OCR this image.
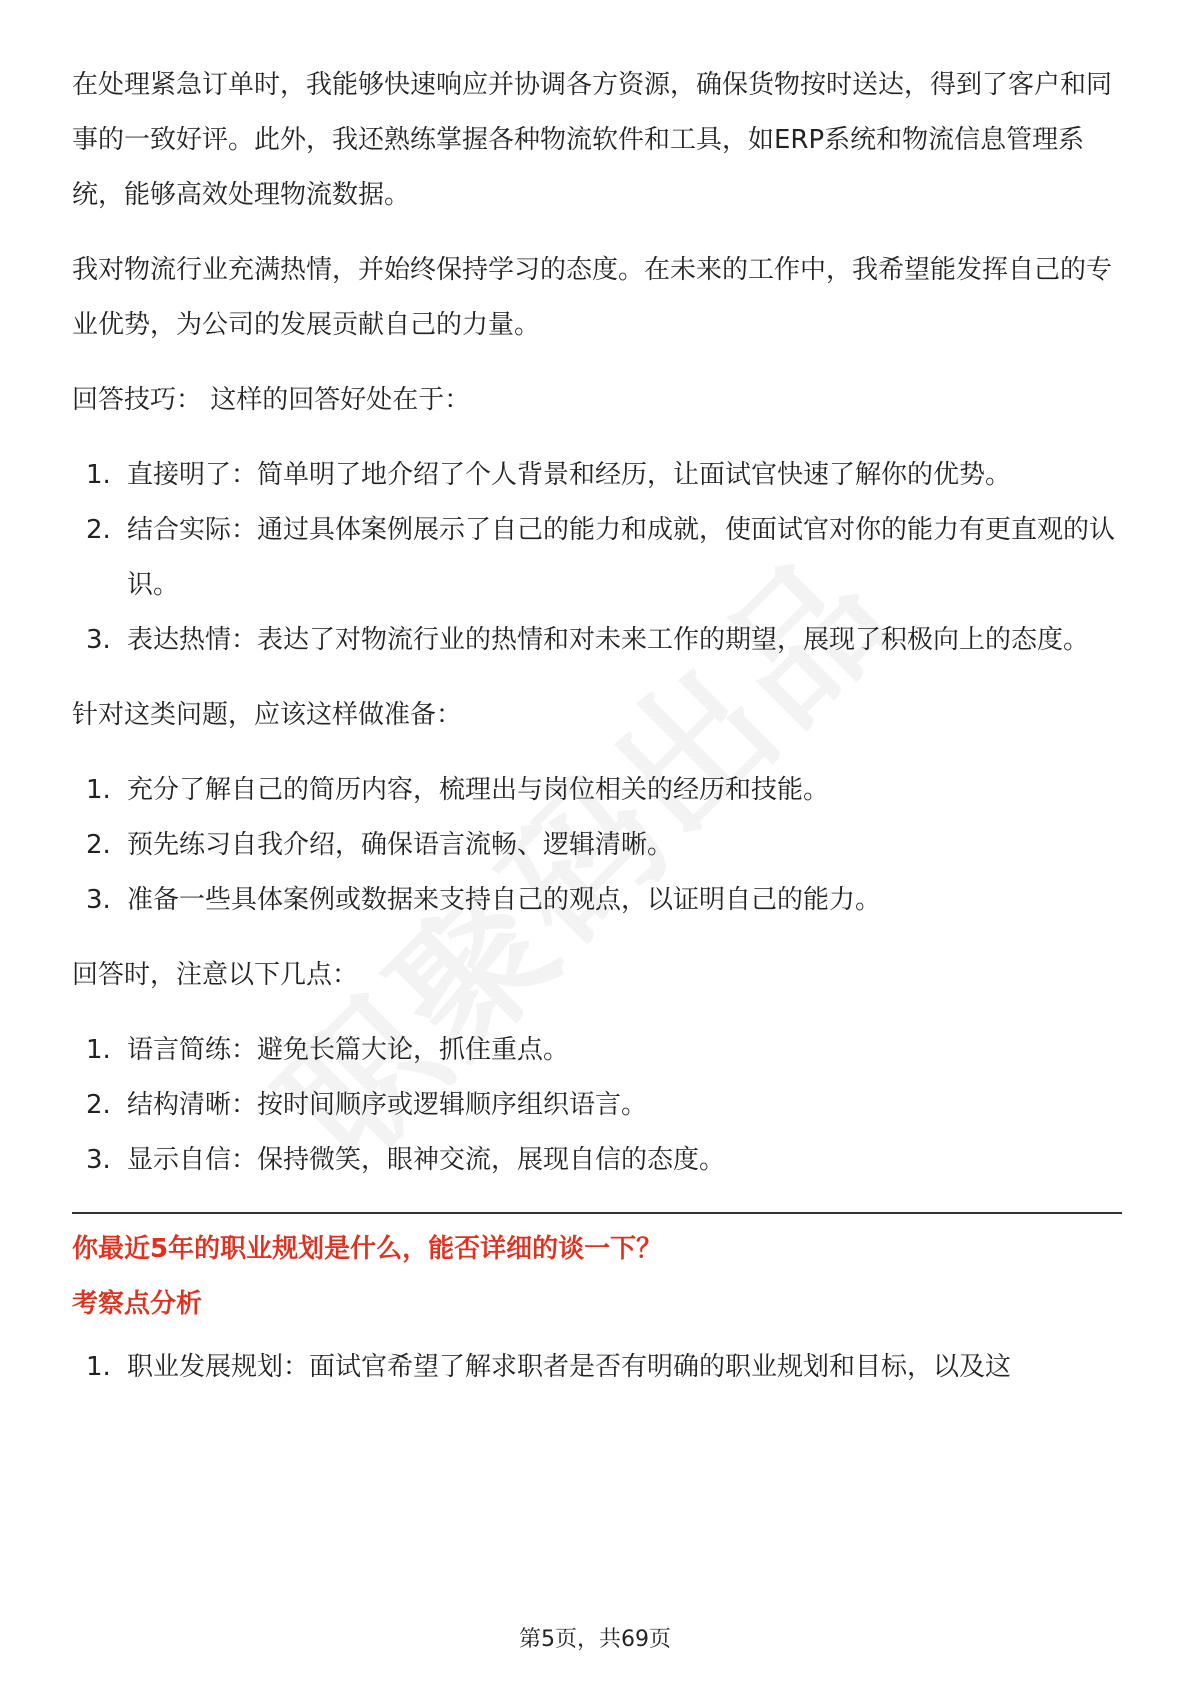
在处理紧急订单时，我能够快速响应并协调各方资源，确保货物按时送达，得到了客户和同事的一致好评。此外，我还熟练掌握各种物流软件和工具，如ERP系统和物流信息管理系统，能够高效处理物流数据。

我对物流行业充满热情，并始终保持学习的态度。在未来的工作中，我希望能发挥自己的专业优势，为公司的发展贡献自己的力量。

回答技巧： 这样的回答好处在于：

1. 直接明了：简单明了地介绍了个人背景和经历，让面试官快速了解你的优势。
2. 结合实际：通过具体案例展示了自己的能力和成就，使面试官对你的能力有更直观的认识。
3. 表达热情：表达了对物流行业的热情和对未来工作的期望，展现了积极向上的态度。

针对这类问题，应该这样做准备：

1. 充分了解自己的简历内容，梳理出与岗位相关的经历和技能。
2. 预先练习自我介绍，确保语言流畅、逻辑清晰。
3. 准备一些具体案例或数据来支持自己的观点，以证明自己的能力。

回答时，注意以下几点：

1. 语言简练：避免长篇大论，抓住重点。
2. 结构清晰：按时间顺序或逻辑顺序组织语言。
3. 显示自信：保持微笑，眼神交流，展现自信的态度。

你最近5年的职业规划是什么，能否详细的谈一下？

考察点分析

1. 职业发展规划：面试官希望了解求职者是否有明确的职业规划和目标，以及这
第5页，共69页
